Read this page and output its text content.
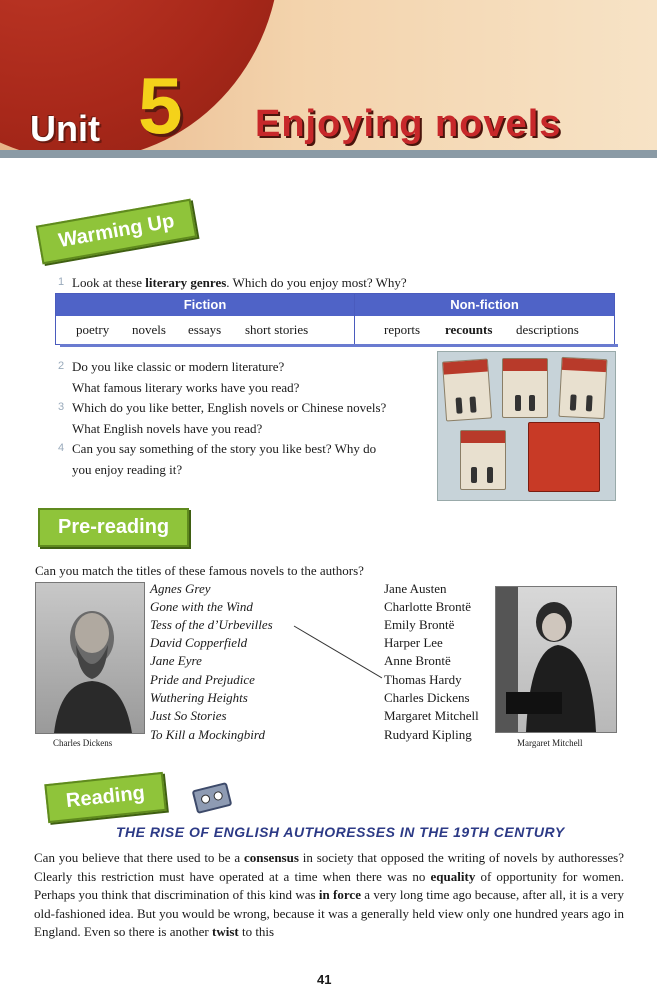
Unit 5 Enjoying novels
Warming Up
1 Look at these literary genres. Which do you enjoy most? Why?
Fiction	Non-fiction
poetry novels essays short stories	reports recounts descriptions
2 Do you like classic or modern literature?
What famous literary works have you read?
3 Which do you like better, English novels or Chinese novels?
What English novels have you read?
4 Can you say something of the story you like best? Why do
you enjoy reading it?
Pre-reading
Can you match the titles of these famous novels to the authors?
Charles Dickens
Agnes Grey
Gone with the Wind
Tess of the d’Urbevilles
David Copperfield
Jane Eyre
Pride and Prejudice
Wuthering Heights
Just So Stories
To Kill a Mockingbird
Jane Austen
Charlotte Brontë
Emily Brontë
Harper Lee
Anne Brontë
Thomas Hardy
Charles Dickens
Margaret Mitchell
Rudyard Kipling
Margaret Mitchell
Reading
THE RISE OF ENGLISH AUTHORESSES IN THE 19TH CENTURY
Can you believe that there used to be a consensus in society that opposed the writing of novels by authoresses? Clearly this restriction must have operated at a time when there was no equality of opportunity for women. Perhaps you think that discrimination of this kind was in force a very long time ago because, after all, it is a very old-fashioned idea. But you would be wrong, because it was a generally held view only one hundred years ago in England. Even so there is another twist to this
41
